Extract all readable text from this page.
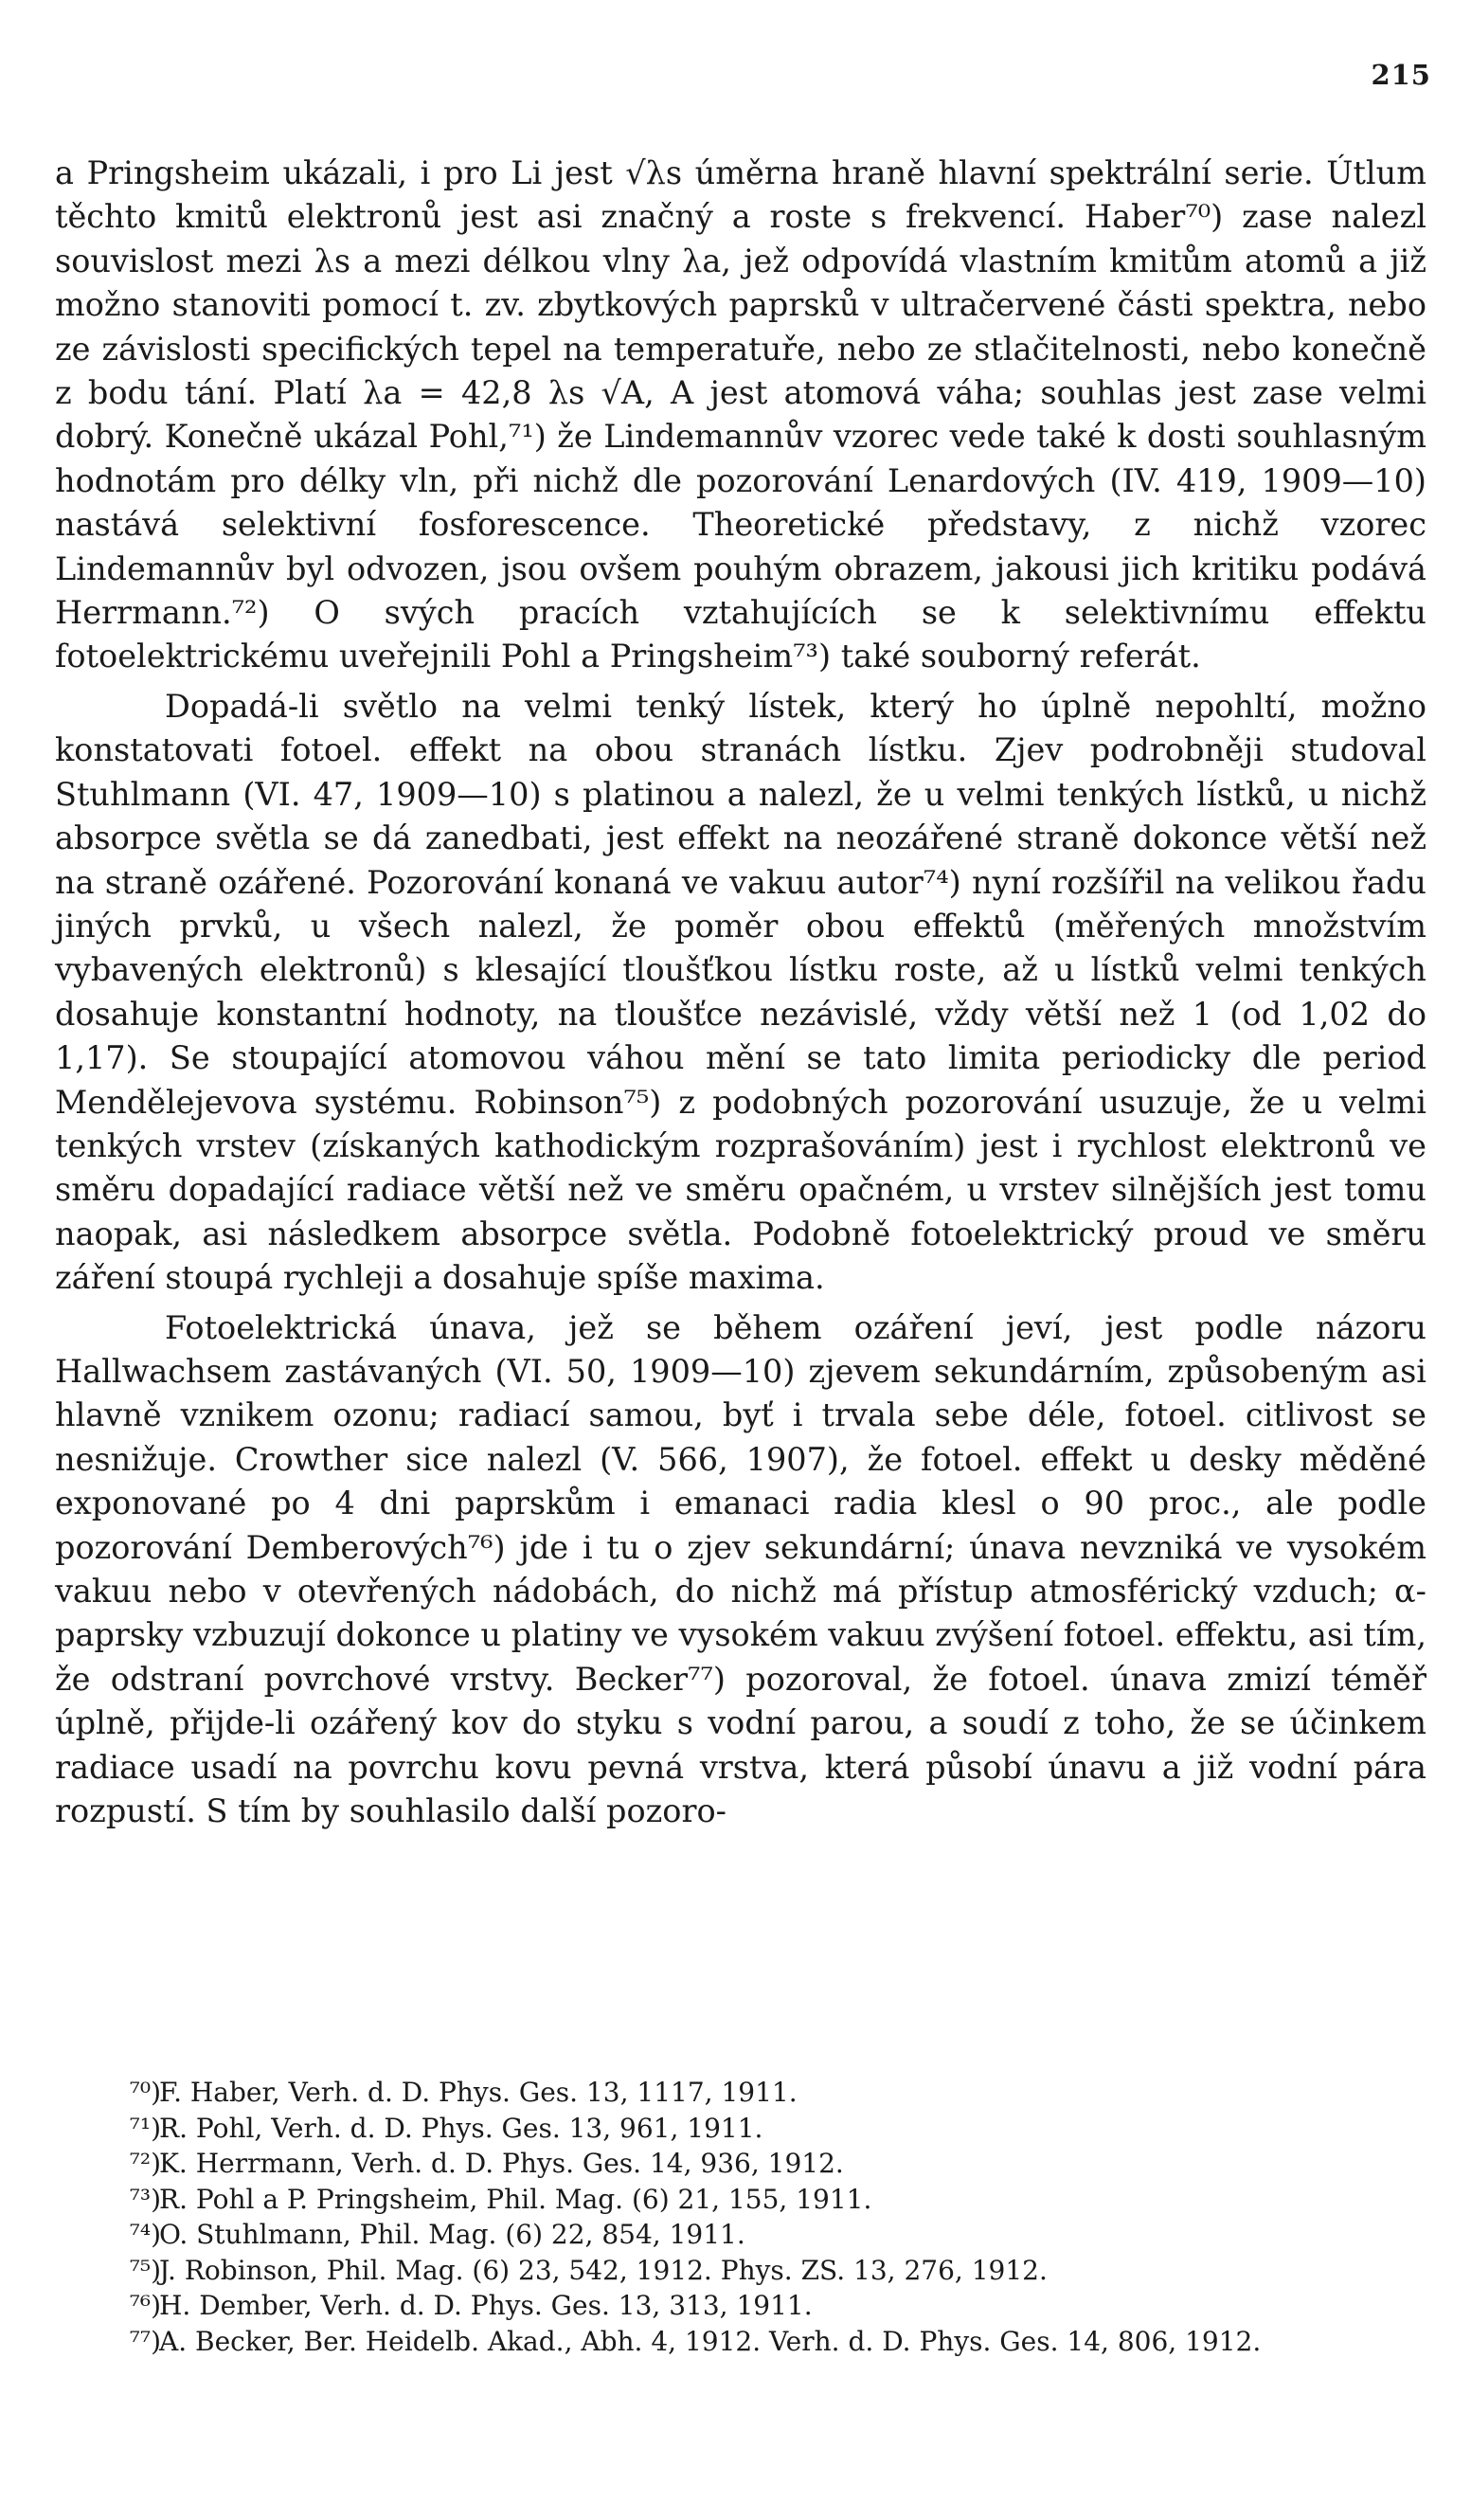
215

a Pringsheim ukázali, i pro Li jest √λs úměrna hraně hlavní spektrální serie. Útlum těchto kmitů elektronů jest asi značný a roste s frekvencí. Haber⁷⁰) zase nalezl souvislost mezi λs a mezi délkou vlny λa, jež odpovídá vlastním kmitům atomů a již možno stanoviti pomocí t. zv. zbytkových paprsků v ultračervené části spektra, nebo ze závislosti specifických tepel na temperatuře, nebo ze stlačitelnosti, nebo konečně z bodu tání. Platí λa = 42,8 λs √A, A jest atomová váha; souhlas jest zase velmi dobrý. Konečně ukázal Pohl,⁷¹) že Lindemannův vzorec vede také k dosti souhlasným hodnotám pro délky vln, při nichž dle pozorování Lenardových (IV. 419, 1909—10) nastává selektivní fosforescence. Theoretické představy, z nichž vzorec Lindemannův byl odvozen, jsou ovšem pouhým obrazem, jakousi jich kritiku podává Herrmann.⁷²) O svých pracích vztahujících se k selektivnímu effektu fotoelektrickému uveřejnili Pohl a Pringsheim⁷³) také souborný referát.

Dopadá-li světlo na velmi tenký lístek, který ho úplně nepohltí, možno konstatovati fotoel. effekt na obou stranách lístku. Zjev podrobněji studoval Stuhlmann (VI. 47, 1909—10) s platinou a nalezl, že u velmi tenkých lístků, u nichž absorpce světla se dá zanedbati, jest effekt na neozářené straně dokonce větší než na straně ozářené. Pozorování konaná ve vakuu autor⁷⁴) nyní rozšířil na velikou řadu jiných prvků, u všech nalezl, že poměr obou effektů (měřených množstvím vybavených elektronů) s klesající tloušťkou lístku roste, až u lístků velmi tenkých dosahuje konstantní hodnoty, na tloušťce nezávislé, vždy větší než 1 (od 1,02 do 1,17). Se stoupající atomovou váhou mění se tato limita periodicky dle period Mendělejevova systému. Robinson⁷⁵) z podobných pozorování usuzuje, že u velmi tenkých vrstev (získaných kathodickým rozprašováním) jest i rychlost elektronů ve směru dopadající radiace větší než ve směru opačném, u vrstev silnějších jest tomu naopak, asi následkem absorpce světla. Podobně fotoelektrický proud ve směru záření stoupá rychleji a dosahuje spíše maxima.

Fotoelektrická únava, jež se během ozáření jeví, jest podle názoru Hallwachsem zastávaných (VI. 50, 1909—10) zjevem sekundárním, způsobeným asi hlavně vznikem ozonu; radiací samou, byť i trvala sebe déle, fotoel. citlivost se nesnižuje. Crowther sice nalezl (V. 566, 1907), že fotoel. effekt u desky měděné exponované po 4 dni paprskům i emanaci radia klesl o 90 proc., ale podle pozorování Demberových⁷⁶) jde i tu o zjev sekundární; únava nevzniká ve vysokém vakuu nebo v otevřených nádobách, do nichž má přístup atmosférický vzduch; α-paprsky vzbuzují dokonce u platiny ve vysokém vakuu zvýšení fotoel. effektu, asi tím, že odstraní povrchové vrstvy. Becker⁷⁷) pozoroval, že fotoel. únava zmizí téměř úplně, přijde-li ozářený kov do styku s vodní parou, a soudí z toho, že se účinkem radiace usadí na povrchu kovu pevná vrstva, která působí únavu a již vodní pára rozpustí. S tím by souhlasilo další pozoro-

⁷⁰)
F. Haber, Verh. d. D. Phys. Ges. 13, 1117, 1911.

⁷¹)
R. Pohl, Verh. d. D. Phys. Ges. 13, 961, 1911.

⁷²)
K. Herrmann, Verh. d. D. Phys. Ges. 14, 936, 1912.

⁷³)
R. Pohl a P. Pringsheim, Phil. Mag. (6) 21, 155, 1911.

⁷⁴)
O. Stuhlmann, Phil. Mag. (6) 22, 854, 1911.

⁷⁵)
J. Robinson, Phil. Mag. (6) 23, 542, 1912. Phys. ZS. 13, 276, 1912.

⁷⁶)
H. Dember, Verh. d. D. Phys. Ges. 13, 313, 1911.

⁷⁷)
A. Becker, Ber. Heidelb. Akad., Abh. 4, 1912. Verh. d. D. Phys. Ges. 14, 806, 1912.
